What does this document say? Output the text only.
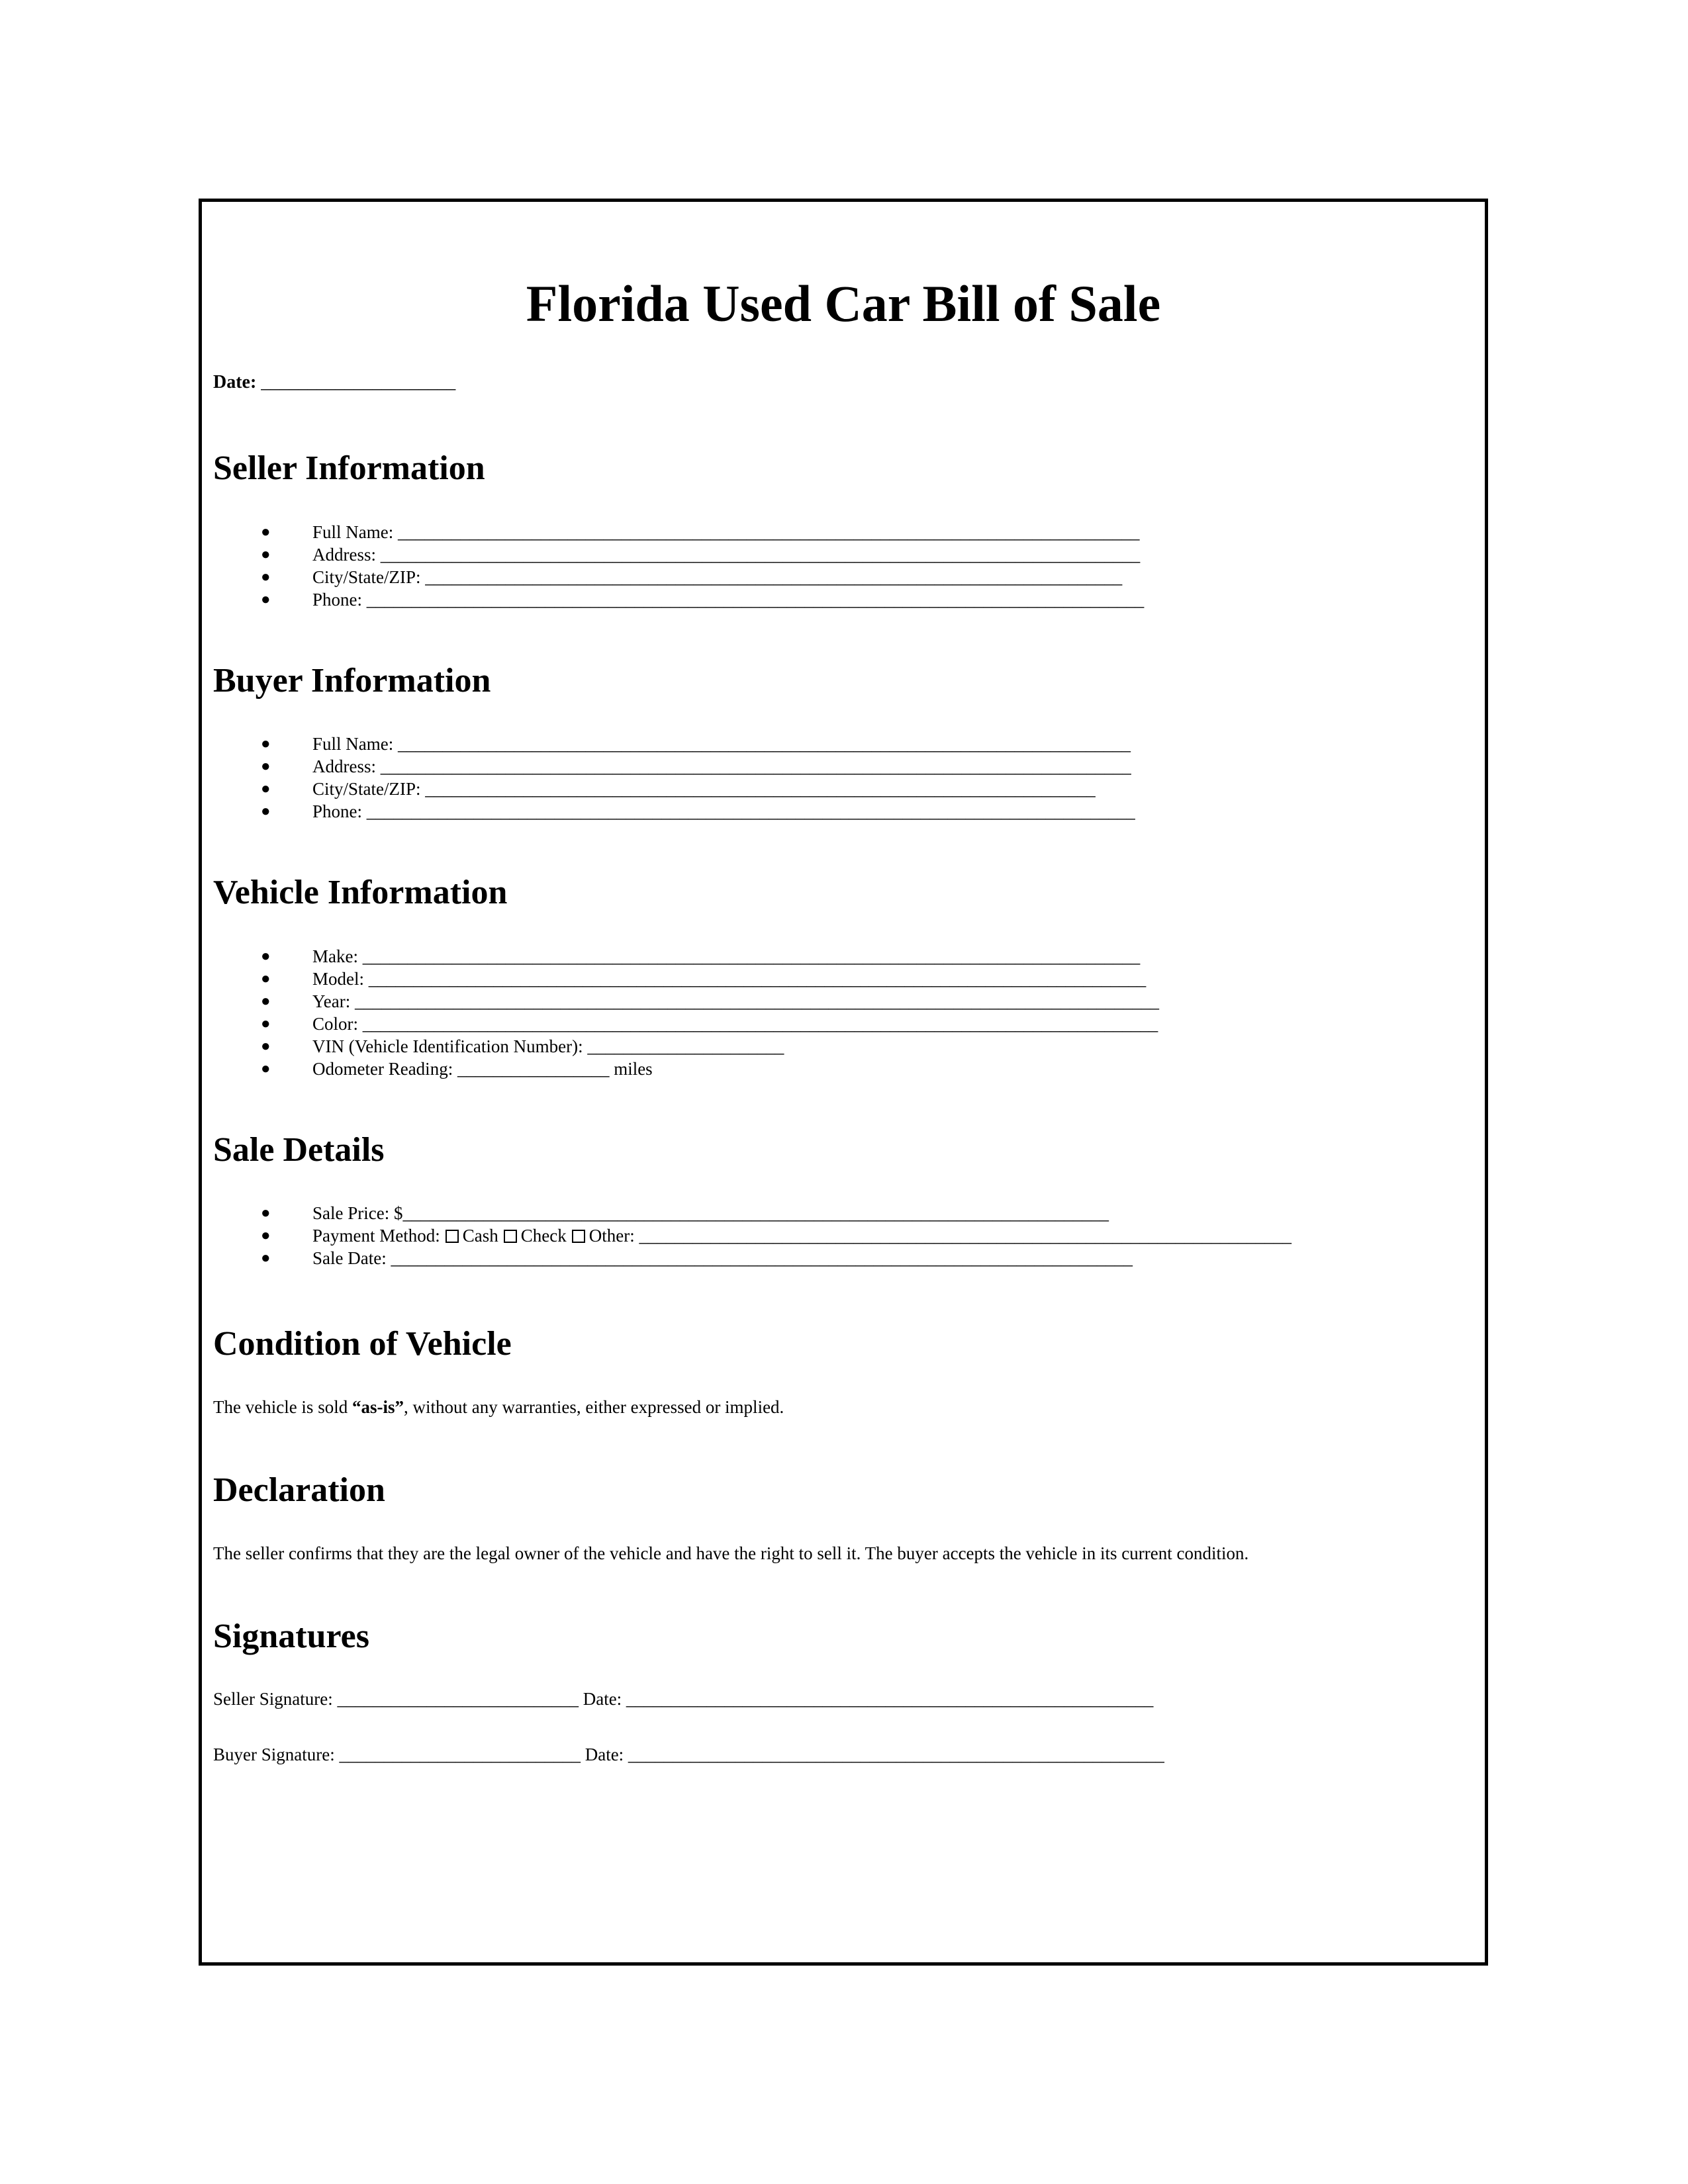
Florida Used Car Bill of Sale
Date: _____________________
Seller Information
● Full Name: ___________________________________________________________________________________
● Address: _____________________________________________________________________________________
● City/State/ZIP: ______________________________________________________________________________
● Phone: _______________________________________________________________________________________
Buyer Information
● Full Name: __________________________________________________________________________________
● Address: ____________________________________________________________________________________
● City/State/ZIP: ___________________________________________________________________________
● Phone: ______________________________________________________________________________________
Vehicle Information
● Make: _______________________________________________________________________________________
● Model: _______________________________________________________________________________________
● Year: __________________________________________________________________________________________
● Color: _________________________________________________________________________________________
● VIN (Vehicle Identification Number): ______________________
● Odometer Reading: _________________ miles
Sale Details
● Sale Price: $_______________________________________________________________________________
● Payment Method: Cash Check Other: _________________________________________________________________________
● Sale Date: ___________________________________________________________________________________
Condition of Vehicle
The vehicle is sold “as-is”, without any warranties, either expressed or implied.
Declaration
The seller confirms that they are the legal owner of the vehicle and have the right to sell it. The buyer accepts the vehicle in its current condition.
Signatures
Seller Signature: ___________________________ Date: ___________________________________________________________
Buyer Signature: ___________________________ Date: ____________________________________________________________
